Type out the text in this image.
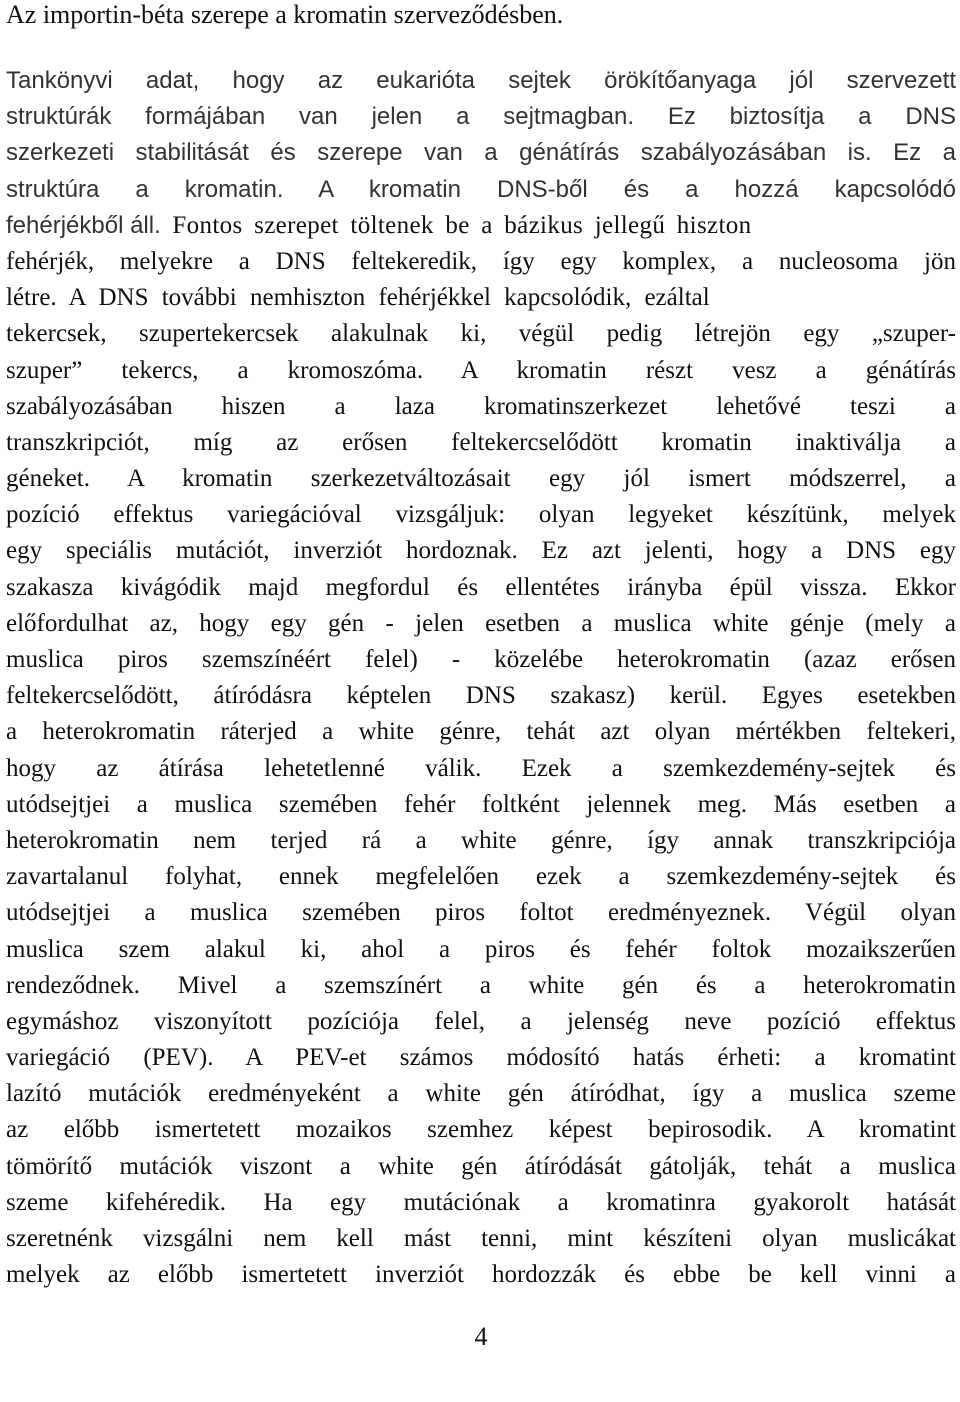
Az importin-béta szerepe a kromatin szerveződésben.
Tankönyvi adat, hogy az eukarióta sejtek örökítőanyaga jól szervezett
struktúrák formájában van jelen a sejtmagban. Ez biztosítja a DNS
szerkezeti stabilitását és szerepe van a génátírás szabályozásában is. Ez a
struktúra a kromatin. A kromatin DNS-ből és a hozzá kapcsolódó
fehérjékből áll. Fontos szerepet töltenek be a bázikus jellegű hiszton
fehérjék, melyekre a DNS feltekeredik, így egy komplex, a nucleosoma jön
létre. A DNS további nemhiszton fehérjékkel kapcsolódik, ezáltal
tekercsek, szupertekercsek alakulnak ki, végül pedig létrejön egy „szuper-
szuper” tekercs, a kromoszóma. A kromatin részt vesz a génátírás
szabályozásában hiszen a laza kromatinszerkezet lehetővé teszi a
transzkripciót, míg az erősen feltekercselődött kromatin inaktiválja a
géneket. A kromatin szerkezetváltozásait egy jól ismert módszerrel, a
pozíció effektus variegációval vizsgáljuk: olyan legyeket készítünk, melyek
egy speciális mutációt, inverziót hordoznak. Ez azt jelenti, hogy a DNS egy
szakasza kivágódik majd megfordul és ellentétes irányba épül vissza. Ekkor
előfordulhat az, hogy egy gén - jelen esetben a muslica white génje (mely a
muslica piros szemszínéért felel) - közelébe heterokromatin (azaz erősen
feltekercselődött, átíródásra képtelen DNS szakasz) kerül. Egyes esetekben
a heterokromatin ráterjed a white génre, tehát azt olyan mértékben feltekeri,
hogy az átírása lehetetlenné válik. Ezek a szemkezdemény-sejtek és
utódsejtjei a muslica szemében fehér foltként jelennek meg. Más esetben a
heterokromatin nem terjed rá a white génre, így annak transzkripciója
zavartalanul folyhat, ennek megfelelően ezek a szemkezdemény-sejtek és
utódsejtjei a muslica szemében piros foltot eredményeznek. Végül olyan
muslica szem alakul ki, ahol a piros és fehér foltok mozaikszerűen
rendeződnek. Mivel a szemszínért a white gén és a heterokromatin
egymáshoz viszonyított pozíciója felel, a jelenség neve pozíció effektus
variegáció (PEV). A PEV-et számos módosító hatás érheti: a kromatint
lazító mutációk eredményeként a white gén átíródhat, így a muslica szeme
az előbb ismertetett mozaikos szemhez képest bepirosodik. A kromatint
tömörítő mutációk viszont a white gén átíródását gátolják, tehát a muslica
szeme kifehéredik. Ha egy mutációnak a kromatinra gyakorolt hatását
szeretnénk vizsgálni nem kell mást tenni, mint készíteni olyan muslicákat
melyek az előbb ismertetett inverziót hordozzák és ebbe be kell vinni a
4
